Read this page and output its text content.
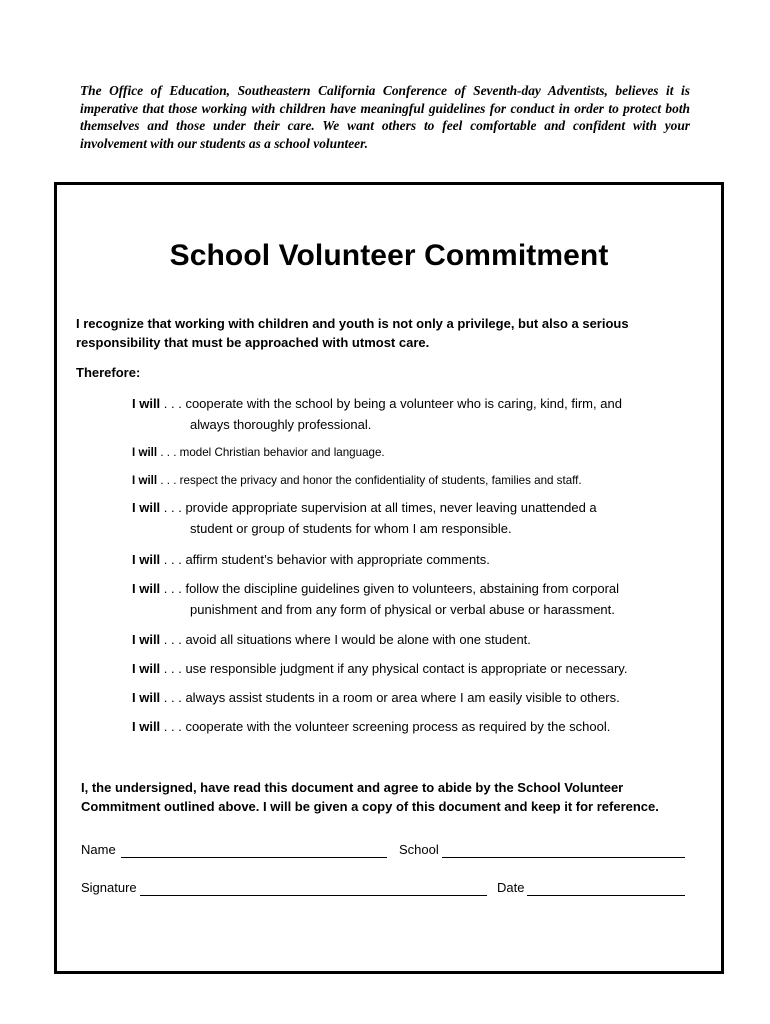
The Office of Education, Southeastern California Conference of Seventh-day Adventists, believes it is imperative that those working with children have meaningful guidelines for conduct in order to protect both themselves and those under their care. We want others to feel comfortable and confident with your involvement with our students as a school volunteer.

School Volunteer Commitment

I recognize that working with children and youth is not only a privilege, but also a serious responsibility that must be approached with utmost care.

Therefore:

I will . . . cooperate with the school by being a volunteer who is caring, kind, firm, and
always thoroughly professional.
I will . . . model Christian behavior and language.
I will . . . respect the privacy and honor the confidentiality of students, families and staff.
I will . . . provide appropriate supervision at all times, never leaving unattended a
student or group of students for whom I am responsible.
I will . . . affirm student’s behavior with appropriate comments.
I will . . . follow the discipline guidelines given to volunteers, abstaining from corporal
punishment and from any form of physical or verbal abuse or harassment.
I will . . . avoid all situations where I would be alone with one student.
I will . . . use responsible judgment if any physical contact is appropriate or necessary.
I will . . . always assist students in a room or area where I am easily visible to others.
I will . . . cooperate with the volunteer screening process as required by the school.

I, the undersigned, have read this document and agree to abide by the School Volunteer Commitment outlined above. I will be given a copy of this document and keep it for reference.

Name	School
Signature	Date
